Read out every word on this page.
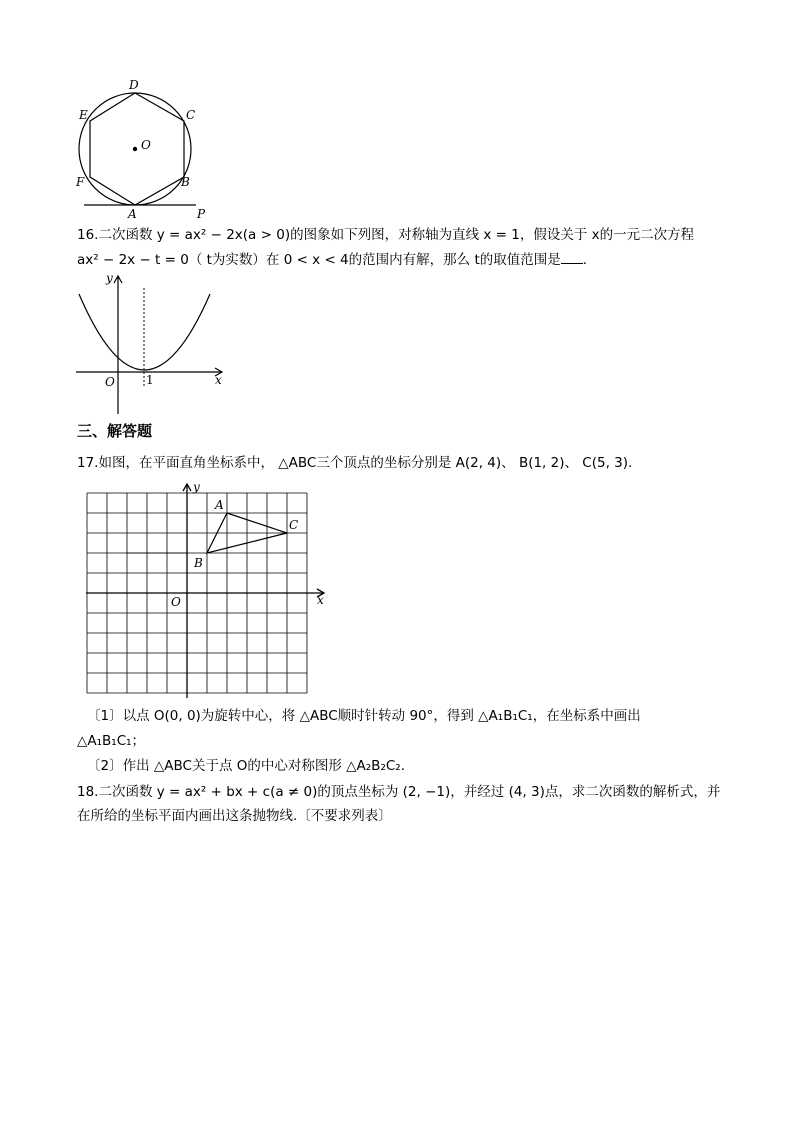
D
C
E
O
F	B
A	P
16.二次函数 y = ax² − 2x(a > 0)的图象如下列图，对称轴为直线 x = 1，假设关于 x的一元二次方程
ax² − 2x − t = 0（ t为实数）在 0 < x < 4的范围内有解，那么 t的取值范围是 .
y
x
O	1
三、解答题
17.如图，在平面直角坐标系中， △ABC三个顶点的坐标分别是 A(2, 4)、 B(1, 2)、 C(5, 3).
y
x
O
A
B
C
〔1〕以点 O(0, 0)为旋转中心，将 △ABC顺时针转动 90°，得到 △A₁B₁C₁，在坐标系中画出
△A₁B₁C₁；
〔2〕作出 △ABC关于点 O的中心对称图形 △A₂B₂C₂.
18.二次函数 y = ax² + bx + c(a ≠ 0)的顶点坐标为 (2, −1)，并经过 (4, 3)点，求二次函数的解析式，并
在所给的坐标平面内画出这条抛物线.〔不要求列表〕
